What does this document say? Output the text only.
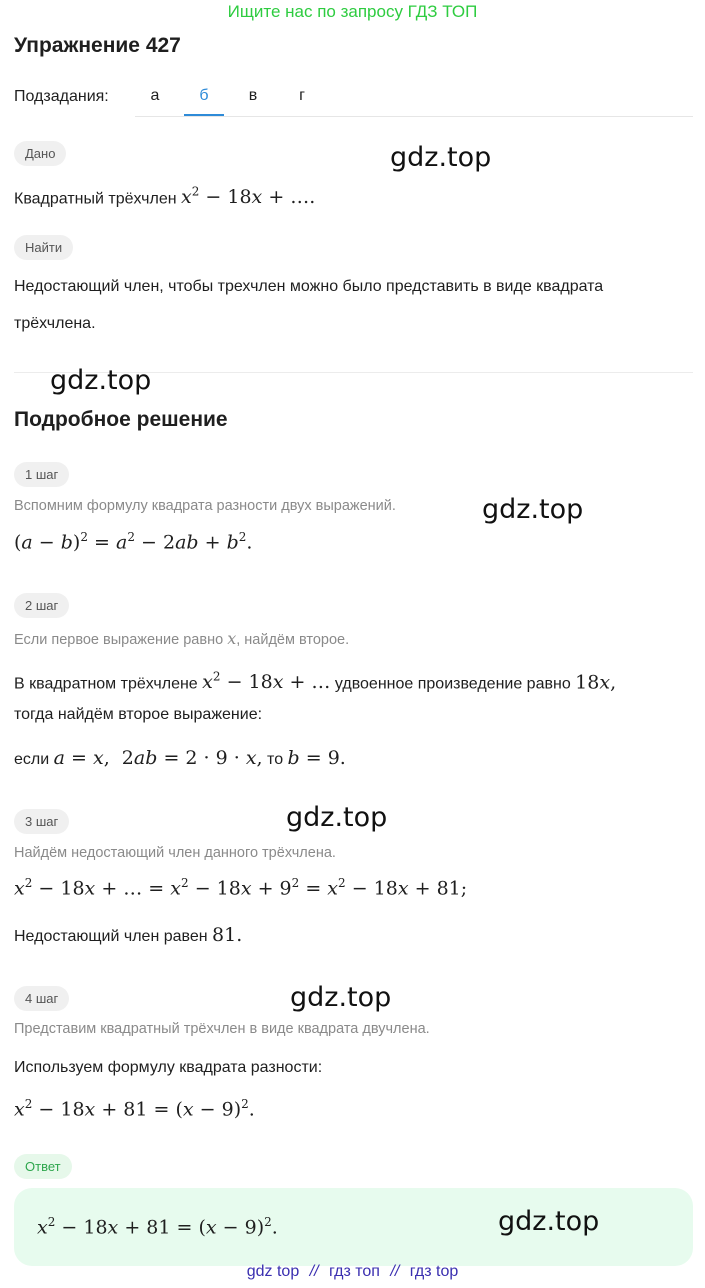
Ищите нас по запросу ГДЗ ТОП
Упражнение 427
Подзадания:	а	б	в	г
Дано
Квадратный трёхчлен $x^2 - 18x$ + ….
Найти
Недостающий член, чтобы трехчлен можно было представить в виде квадрата
трёхчлена.
Подробное решение
1 шаг
Вспомним формулу квадрата разности двух выражений.
$(a - b)^2 = a^2 - 2ab + b^2$.
2 шаг
Если первое выражение равно x, найдём второе.
В квадратном трёхчлене $x^2 - 18x$ + … удвоенное произведение равно 18x,
тогда найдём второе выражение:
если a = x,  2ab = 2 · 9 · x, то b = 9.
3 шаг
Найдём недостающий член данного трёхчлена.
$x^2 - 18x$ + … = $x^2 - 18x + 9^2 = x^2 - 18x + 81$;
Недостающий член равен 81.
4 шаг
Представим квадратный трёхчлен в виде квадрата двучлена.
Используем формулу квадрата разности:
$x^2 - 18x + 81 = (x - 9)^2$.
Ответ
$x^2 - 18x + 81 = (x - 9)^2$.
gdz.top
gdz.top
gdz.top
gdz.top
gdz.top
gdz.top
gdz top // гдз топ // гдз top
